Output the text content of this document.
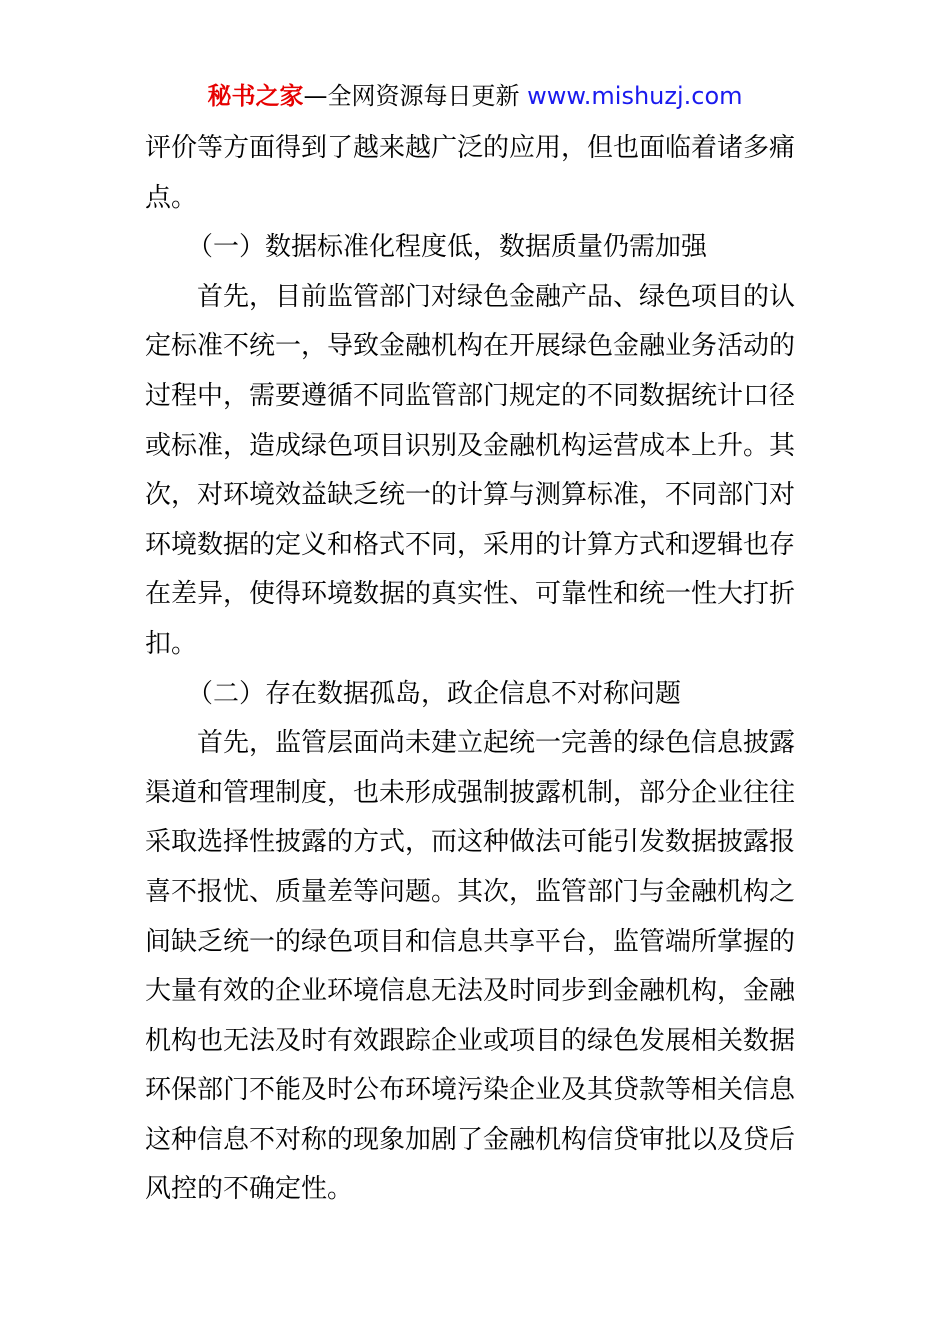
秘书之家—全网资源每日更新 www.mishuzj.com
评价等方面得到了越来越广泛的应用，但也面临着诸多痛
点。
（一）数据标准化程度低，数据质量仍需加强
首先，目前监管部门对绿色金融产品、绿色项目的认
定标准不统一，导致金融机构在开展绿色金融业务活动的
过程中，需要遵循不同监管部门规定的不同数据统计口径
或标准，造成绿色项目识别及金融机构运营成本上升。其
次，对环境效益缺乏统一的计算与测算标准，不同部门对
环境数据的定义和格式不同，采用的计算方式和逻辑也存
在差异，使得环境数据的真实性、可靠性和统一性大打折
扣。
（二）存在数据孤岛，政企信息不对称问题
首先，监管层面尚未建立起统一完善的绿色信息披露
渠道和管理制度，也未形成强制披露机制，部分企业往往
采取选择性披露的方式，而这种做法可能引发数据披露报
喜不报忧、质量差等问题。其次，监管部门与金融机构之
间缺乏统一的绿色项目和信息共享平台，监管端所掌握的
大量有效的企业环境信息无法及时同步到金融机构，金融
机构也无法及时有效跟踪企业或项目的绿色发展相关数据
环保部门不能及时公布环境污染企业及其贷款等相关信息
这种信息不对称的现象加剧了金融机构信贷审批以及贷后
风控的不确定性。
